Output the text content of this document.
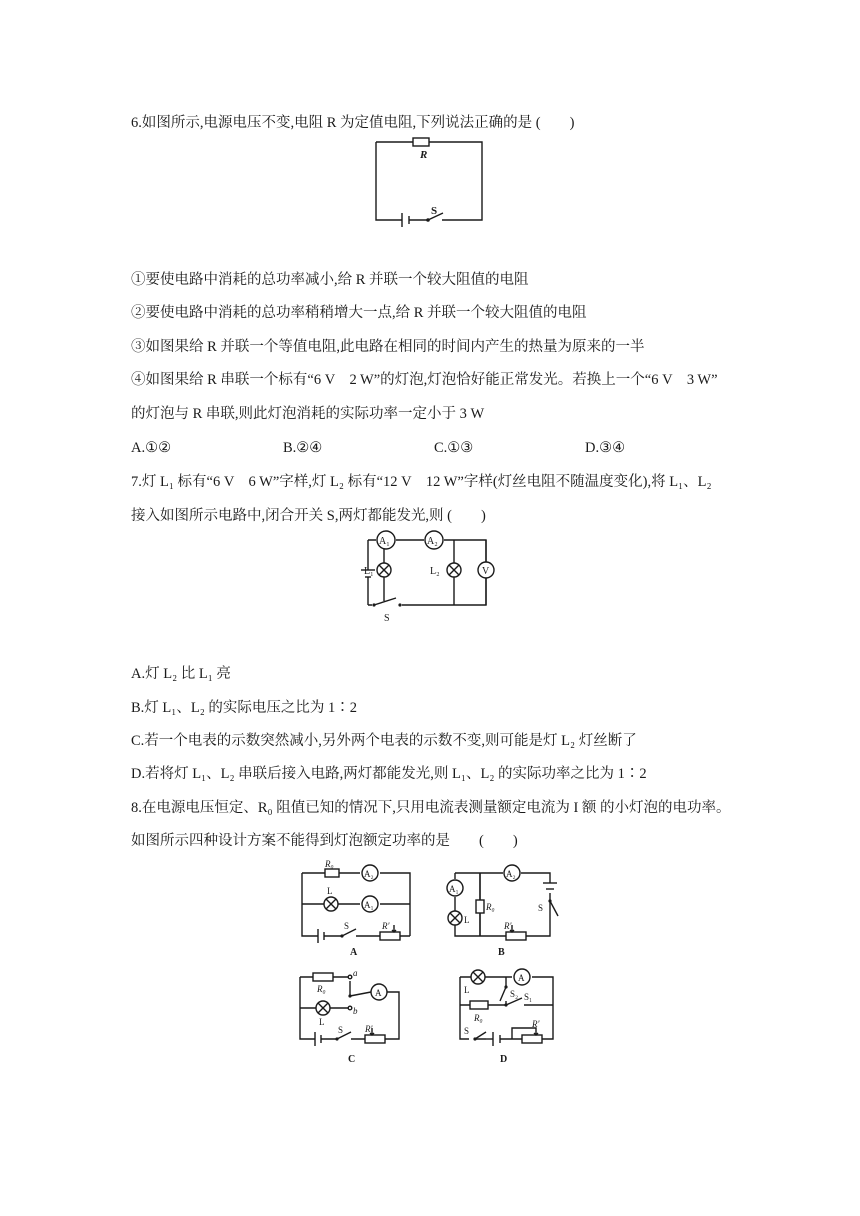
6.如图所示,电源电压不变,电阻 R 为定值电阻,下列说法正确的是 (　　)
R
S
①要使电路中消耗的总功率减小,给 R 并联一个较大阻值的电阻
②要使电路中消耗的总功率稍稍增大一点,给 R 并联一个较大阻值的电阻
③如图果给 R 并联一个等值电阻,此电路在相同的时间内产生的热量为原来的一半
④如图果给 R 串联一个标有“6 V　2 W”的灯泡,灯泡恰好能正常发光。若换上一个“6 V　3 W”
的灯泡与 R 串联,则此灯泡消耗的实际功率一定小于 3 W
A.①②	B.②④	C.①③	D.③④
7.灯 L₁ 标有“6 V　6 W”字样,灯 L₂ 标有“12 V　12 W”字样(灯丝电阻不随温度变化),将 L₁、L₂
接入如图所示电路中,闭合开关 S,两灯都能发光,则 (　　)
A₁	A₂
L₁	L₂	V
S
A.灯 L₂ 比 L₁ 亮
B.灯 L₁、L₂ 的实际电压之比为 1∶2
C.若一个电表的示数突然减小,另外两个电表的示数不变,则可能是灯 L₂ 灯丝断了
D.若将灯 L₁、L₂ 串联后接入电路,两灯都能发光,则 L₁、L₂ 的实际功率之比为 1∶2
8.在电源电压恒定、R₀ 阻值已知的情况下,只用电流表测量额定电流为 I 额 的小灯泡的电功率。
如图所示四种设计方案不能得到灯泡额定功率的是　　(　　)
R₀
A₂
L
A₁
S	R'
A
A₁
L
A₂
R₀	S
R'
B
R₀
a
b
A
L
S R'
C
L
A
S₂ S₁
R₀
S
R'
D
